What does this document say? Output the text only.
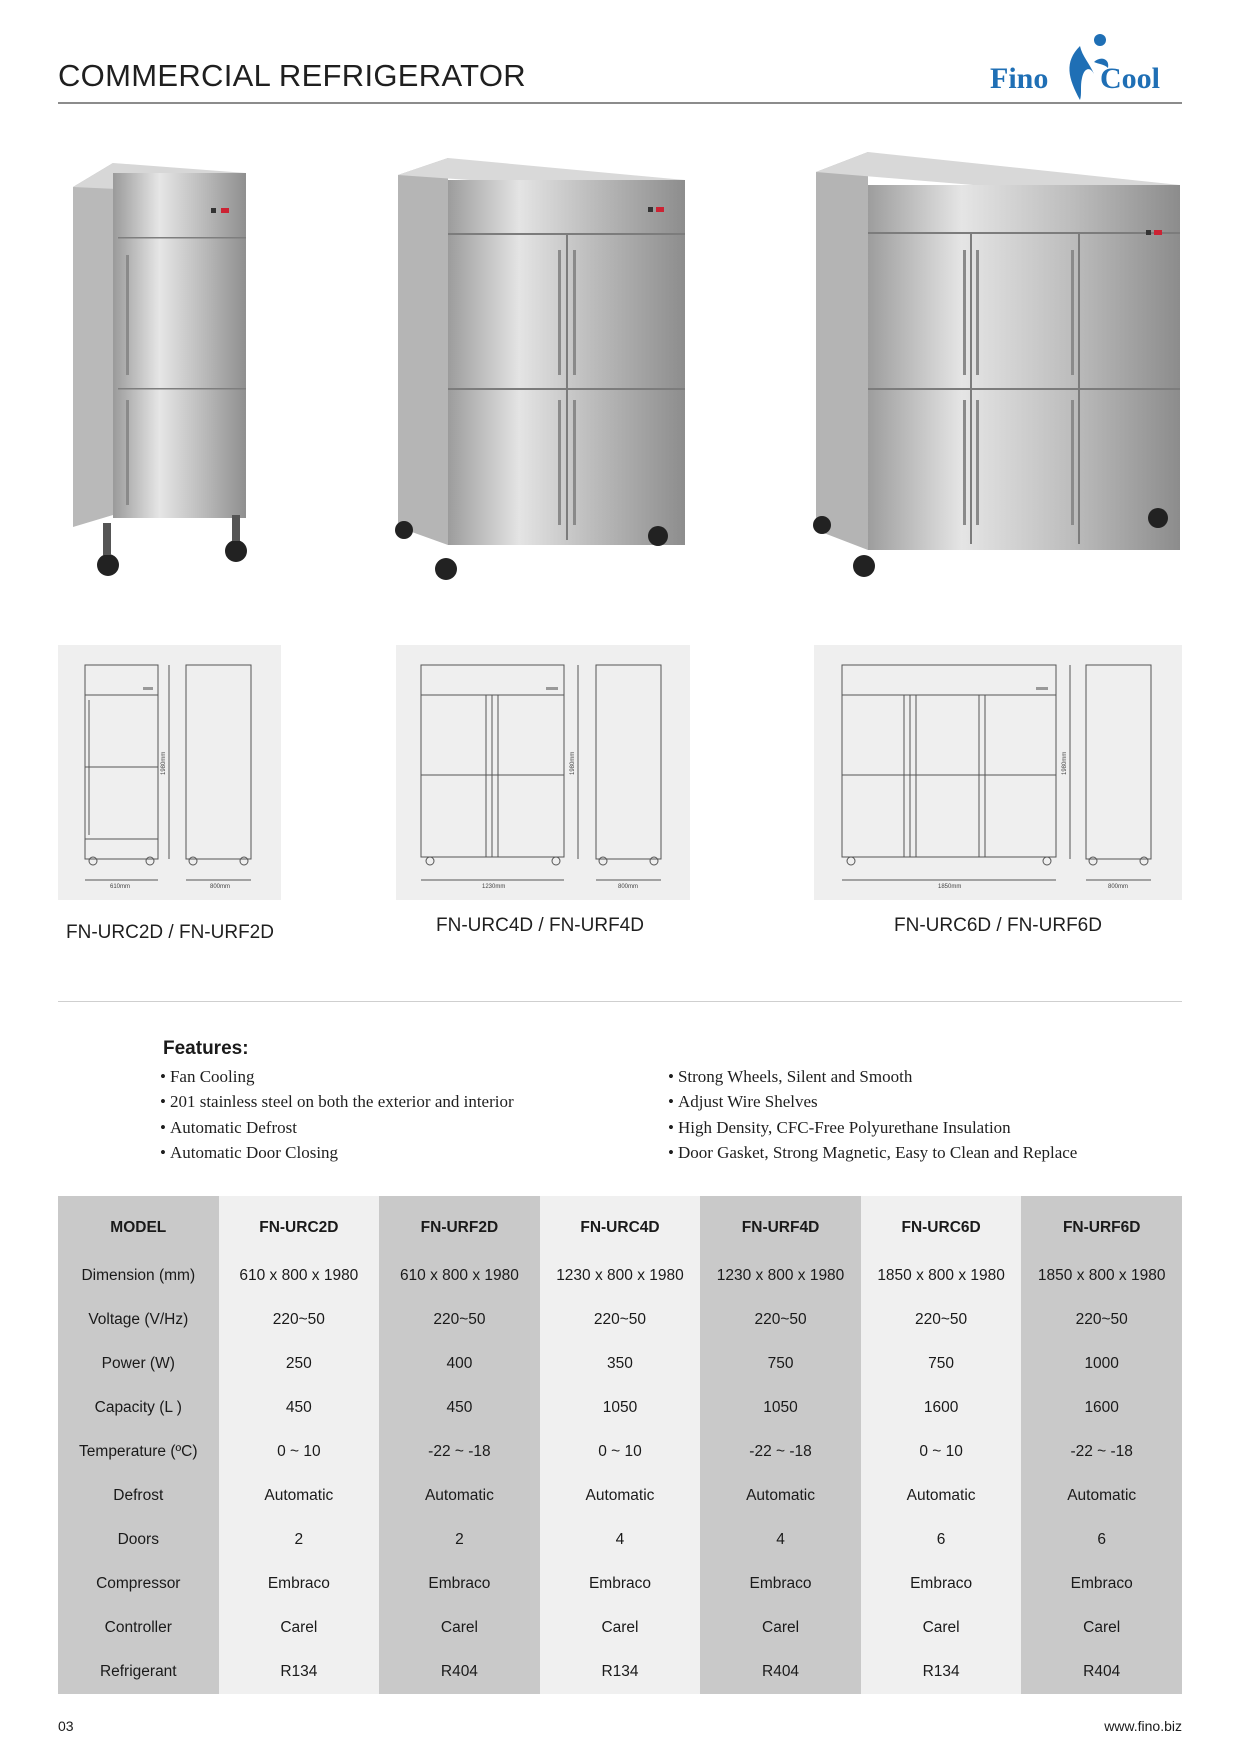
COMMERCIAL REFRIGERATOR	Fino Cool
610mm	800mm
1980mm
1230mm	800mm
1980mm
1850mm	800mm
1980mm
FN-URC2D / FN-URF2D	FN-URC4D / FN-URF4D	FN-URC6D / FN-URF6D
Features:
• Fan Cooling
• 201 stainless steel on both the exterior and interior
• Automatic Defrost
• Automatic Door Closing
• Strong Wheels, Silent and Smooth
• Adjust Wire Shelves
• High Density, CFC-Free Polyurethane Insulation
• Door Gasket, Strong Magnetic, Easy to Clean and Replace
MODEL	FN-URC2D	FN-URF2D	FN-URC4D	FN-URF4D	FN-URC6D	FN-URF6D
Dimension (mm)	610 x 800 x 1980	610 x 800 x 1980	1230 x 800 x 1980	1230 x 800 x 1980	1850 x 800 x 1980	1850 x 800 x 1980
Voltage (V/Hz)	220~50	220~50	220~50	220~50	220~50	220~50
Power (W)	250	400	350	750	750	1000
Capacity (L )	450	450	1050	1050	1600	1600
Temperature (ºC)	0 ~ 10	-22 ~ -18	0 ~ 10	-22 ~ -18	0 ~ 10	-22 ~ -18
Defrost	Automatic	Automatic	Automatic	Automatic	Automatic	Automatic
Doors	2	2	4	4	6	6
Compressor	Embraco	Embraco	Embraco	Embraco	Embraco	Embraco
Controller	Carel	Carel	Carel	Carel	Carel	Carel
Refrigerant	R134	R404	R134	R404	R134	R404
03	www.fino.biz
